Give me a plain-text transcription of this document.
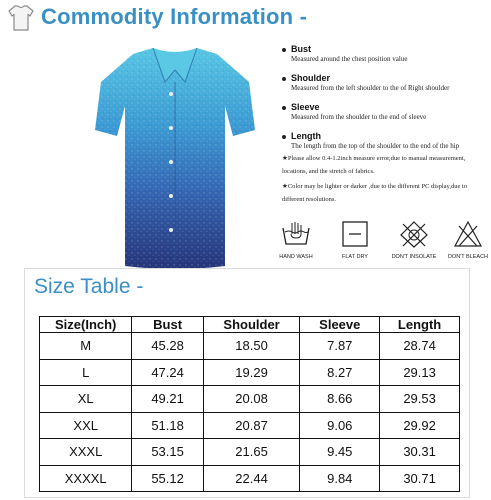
Commodity Information -
Bust
Measured around the chest position value
Shoulder
Measured from the left shoulder to the of Right shoulder
Sleeve
Measured from the shoulder to the end of sleeve
Length
The length from the top of the shoulder to the end of the hip
★Please allow 0.4-1.2inch measure error,due to manual measurement, locations, and the stretch of fabrics.
★Color may be lighter or darker ,due to the different PC display,due to different resolutions.
HAND WASH	FLAT DRY	DON'T INSOLATE	DON'T BLEACH
Size Table -
Size(Inch)	Bust	Shoulder	Sleeve	Length
M	45.28	18.50	7.87	28.74
L	47.24	19.29	8.27	29.13
XL	49.21	20.08	8.66	29.53
XXL	51.18	20.87	9.06	29.92
XXXL	53.15	21.65	9.45	30.31
XXXXL	55.12	22.44	9.84	30.71
